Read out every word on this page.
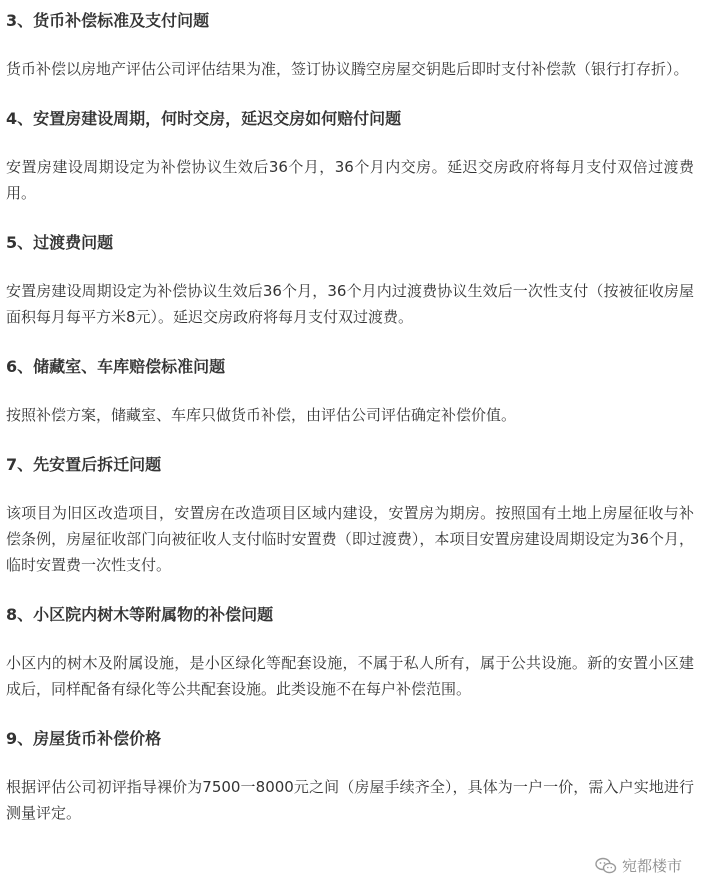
3、货币补偿标准及支付问题

货币补偿以房地产评估公司评估结果为准，签订协议腾空房屋交钥匙后即时支付补偿款（银行打存折）。

4、安置房建设周期，何时交房，延迟交房如何赔付问题

安置房建设周期设定为补偿协议生效后36个月，36个月内交房。延迟交房政府将每月支付双倍过渡费用。

5、过渡费问题

安置房建设周期设定为补偿协议生效后36个月，36个月内过渡费协议生效后一次性支付（按被征收房屋面积每月每平方米8元）。延迟交房政府将每月支付双过渡费。

6、储藏室、车库赔偿标准问题

按照补偿方案，储藏室、车库只做货币补偿，由评估公司评估确定补偿价值。

7、先安置后拆迁问题

该项目为旧区改造项目，安置房在改造项目区域内建设，安置房为期房。按照国有土地上房屋征收与补偿条例，房屋征收部门向被征收人支付临时安置费（即过渡费），本项目安置房建设周期设定为36个月，临时安置费一次性支付。

8、小区院内树木等附属物的补偿问题

小区内的树木及附属设施，是小区绿化等配套设施，不属于私人所有，属于公共设施。新的安置小区建成后，同样配备有绿化等公共配套设施。此类设施不在每户补偿范围。

9、房屋货币补偿价格

根据评估公司初评指导裸价为7500一8000元之间（房屋手续齐全），具体为一户一价，需入户实地进行测量评定。

宛都楼市
